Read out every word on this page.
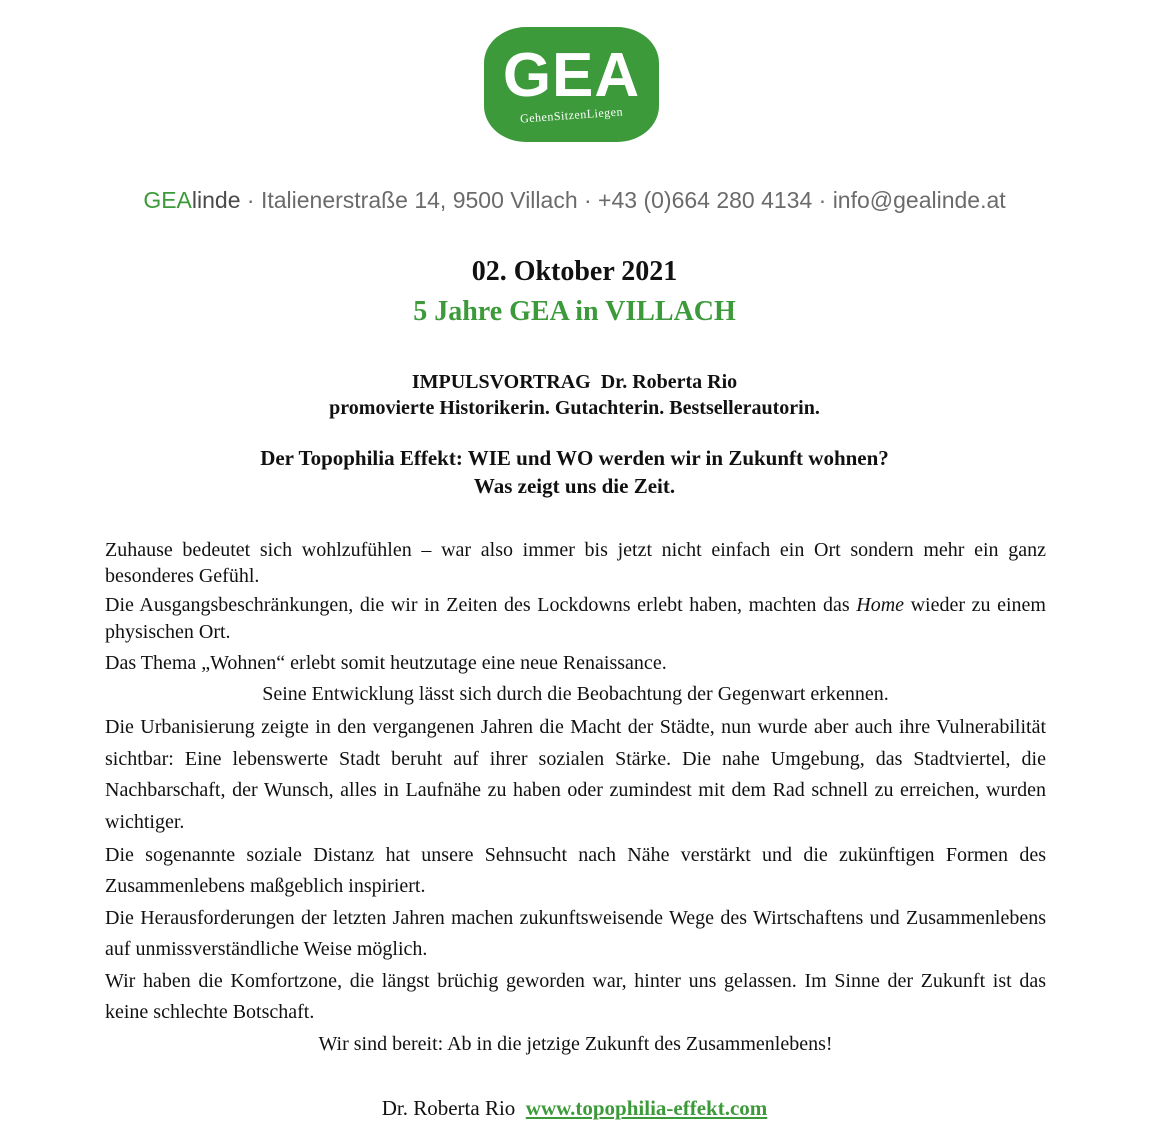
GEA
GehenSitzenLiegen
GEAlinde · Italienerstraße 14, 9500 Villach · +43 (0)664 280 4134 · info@gealinde.at
02. Oktober 2021
5 Jahre GEA in VILLACH
IMPULSVORTRAG  Dr. Roberta Rio
promovierte Historikerin. Gutachterin. Bestsellerautorin.
Der Topophilia Effekt: WIE und WO werden wir in Zukunft wohnen?
Was zeigt uns die Zeit.

Zuhause bedeutet sich wohlzufühlen – war also immer bis jetzt nicht einfach ein Ort sondern mehr ein ganz besonderes Gefühl.

Die Ausgangsbeschränkungen, die wir in Zeiten des Lockdowns erlebt haben, machten das Home wieder zu einem physischen Ort.

Das Thema „Wohnen“ erlebt somit heutzutage eine neue Renaissance.

Seine Entwicklung lässt sich durch die Beobachtung der Gegenwart erkennen.

Die Urbanisierung zeigte in den vergangenen Jahren die Macht der Städte, nun wurde aber auch ihre Vulnerabilität sichtbar: Eine lebenswerte Stadt beruht auf ihrer sozialen Stärke. Die nahe Umgebung, das Stadtviertel, die Nachbarschaft, der Wunsch, alles in Laufnähe zu haben oder zumindest mit dem Rad schnell zu erreichen, wurden wichtiger.

Die sogenannte soziale Distanz hat unsere Sehnsucht nach Nähe verstärkt und die zukünftigen Formen des Zusammenlebens maßgeblich inspiriert.

Die Herausforderungen der letzten Jahren machen zukunftsweisende Wege des Wirtschaftens und Zusammenlebens auf unmissverständliche Weise möglich.

Wir haben die Komfortzone, die längst brüchig geworden war, hinter uns gelassen. Im Sinne der Zukunft ist das keine schlechte Botschaft.

Wir sind bereit: Ab in die jetzige Zukunft des Zusammenlebens!

Dr. Roberta Rio www.topophilia-effekt.com
